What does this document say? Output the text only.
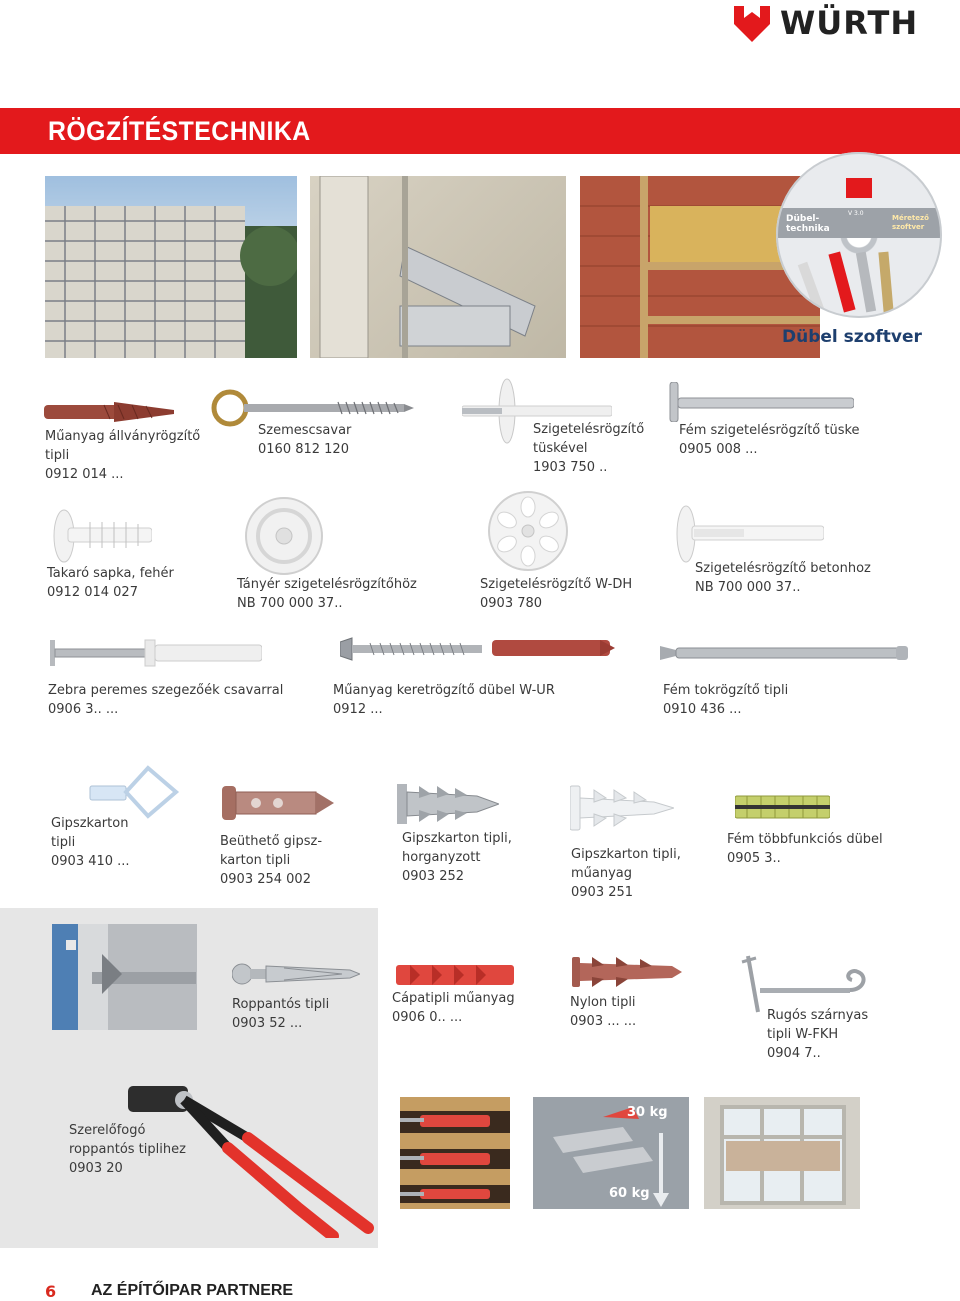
WÜRTH
RÖGZÍTÉSTECHNIKA
Dübel-technika
V 3.0
Méretező szoftver
Dübel szoftver
Műanyag állványrögzítő
tipli
0912 014 ...
Szemescsavar
0160 812 120
Szigetelésrögzítő
tüskével
1903 750 ..
Fém szigetelésrögzítő tüske
0905 008 ...
Takaró sapka, fehér
0912 014 027
Tányér szigetelésrögzítőhöz
NB 700 000 37..
Szigetelésrögzítő W-DH
0903 780
Szigetelésrögzítő betonhoz
NB 700 000 37..
Zebra peremes szegezőék csavarral
0906 3.. ...
Műanyag keretrögzítő dübel W-UR
0912 ...
Fém tokrögzítő tipli
0910 436 ...
Gipszkarton
tipli
0903 410 ...
Beüthető gipsz-
karton tipli
0903 254 002
Gipszkarton tipli,
horganyzott
0903 252
Gipszkarton tipli,
műanyag
0903 251
Fém többfunkciós dübel
0905 3..
Roppantós tipli
0903 52 ...
Cápatipli műanyag
0906 0.. ...
Nylon tipli
0903 ... ...	Rugós szárnyas
tipli W-FKH
0904 7..
Szerelőfogó
roppantós tiplihez
0903 20
30 kg
60 kg
6 AZ ÉPÍTŐIPAR PARTNERE
